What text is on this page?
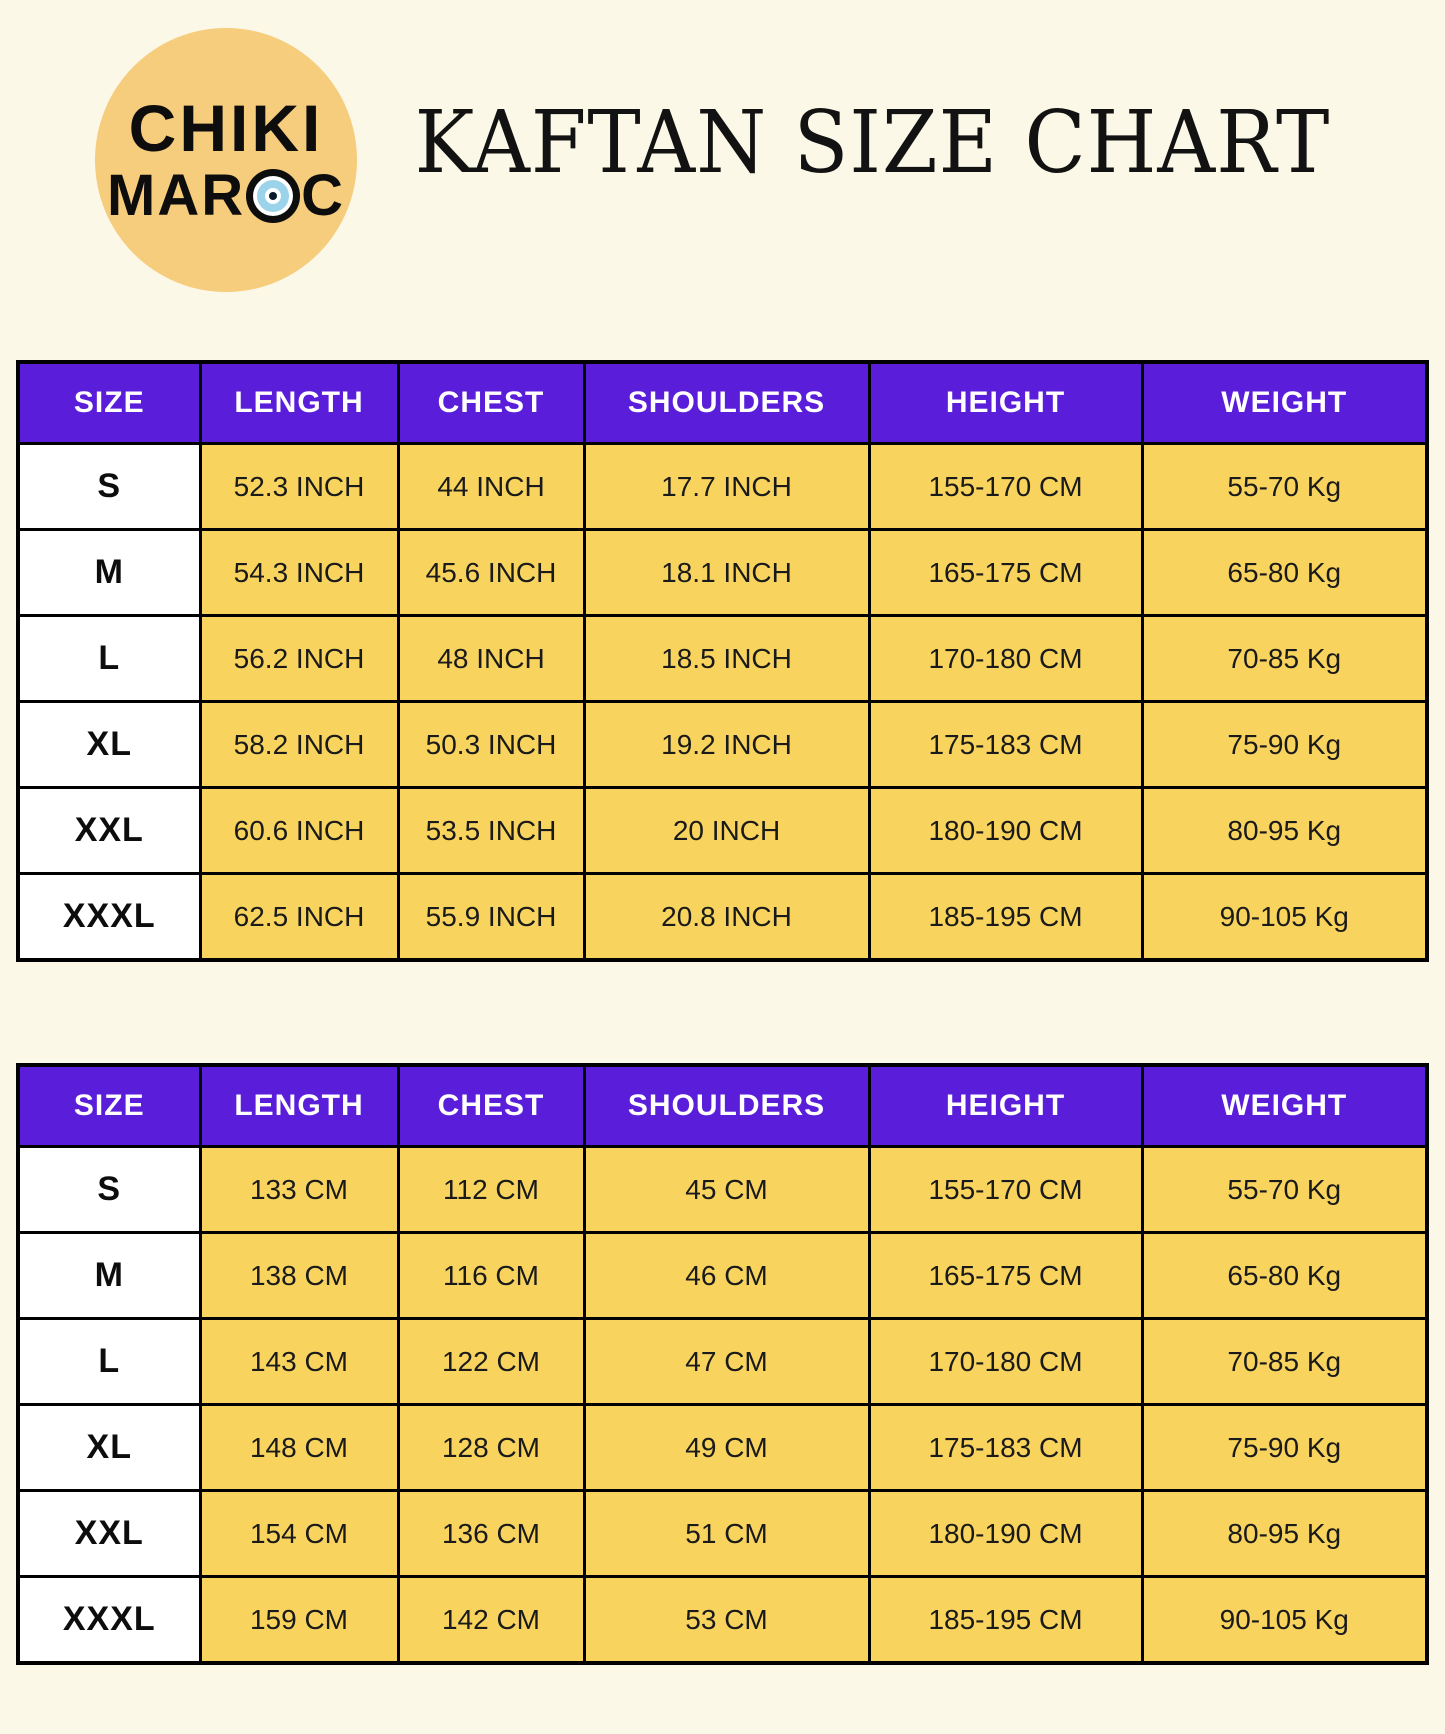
CHIKI
MAR C
KAFTAN SIZE CHART
SIZE	LENGTH	CHEST	SHOULDERS	HEIGHT	WEIGHT
S	52.3 INCH	44 INCH	17.7 INCH	155-170 CM	55-70 Kg
M	54.3 INCH	45.6 INCH	18.1 INCH	165-175 CM	65-80 Kg
L	56.2 INCH	48 INCH	18.5 INCH	170-180 CM	70-85 Kg
XL	58.2 INCH	50.3 INCH	19.2 INCH	175-183 CM	75-90 Kg
XXL	60.6 INCH	53.5 INCH	20 INCH	180-190 CM	80-95 Kg
XXXL	62.5 INCH	55.9 INCH	20.8 INCH	185-195 CM	90-105 Kg
SIZE	LENGTH	CHEST	SHOULDERS	HEIGHT	WEIGHT
S	133 CM	112 CM	45 CM	155-170 CM	55-70 Kg
M	138 CM	116 CM	46 CM	165-175 CM	65-80 Kg
L	143 CM	122 CM	47 CM	170-180 CM	70-85 Kg
XL	148 CM	128 CM	49 CM	175-183 CM	75-90 Kg
XXL	154 CM	136 CM	51 CM	180-190 CM	80-95 Kg
XXXL	159 CM	142 CM	53 CM	185-195 CM	90-105 Kg
